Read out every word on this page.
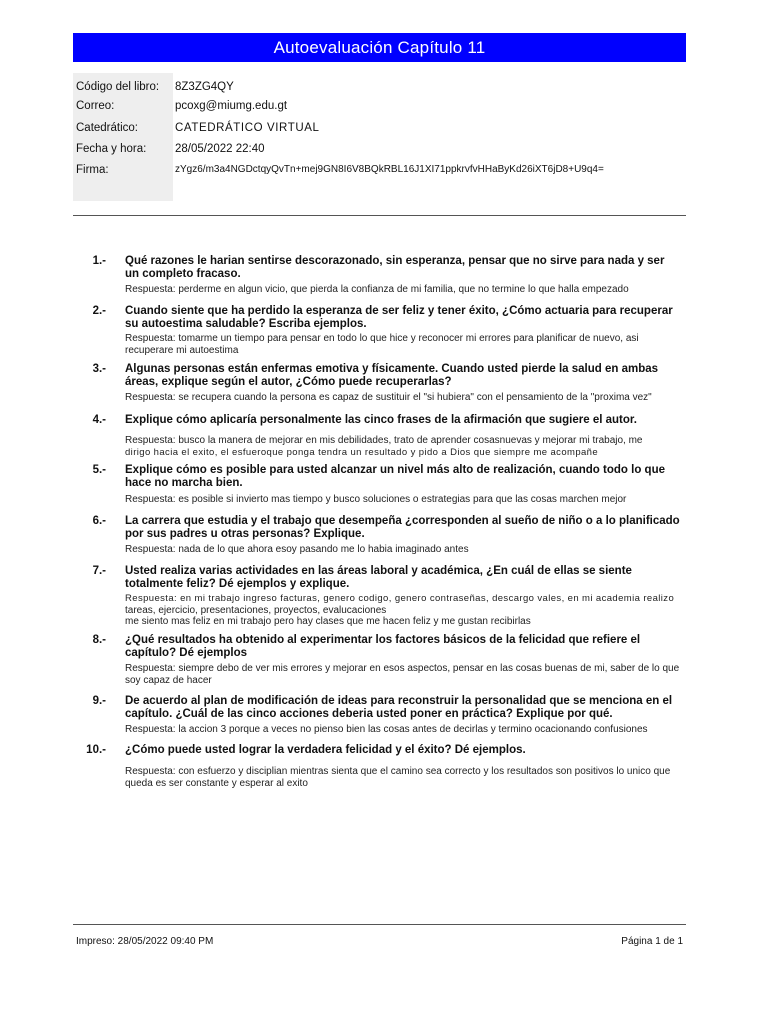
Autoevaluación Capítulo 11
Código del libro: 8Z3ZG4QY
Correo:	pcoxg@miumg.edu.gt
Catedrático:	CATEDRÁTICO VIRTUAL
Fecha y hora: 28/05/2022 22:40
Firma:	zYgz6/m3a4NGDctqyQvTn+mej9GN8I6V8BQkRBL16J1XI71ppkrvfvHHaByKd26iXT6jD8+U9q4=
1.- Qué razones le harian sentirse descorazonado, sin esperanza, pensar que no sirve para nada y ser un completo fracaso.
Respuesta: perderme en algun vicio, que pierda la confianza de mi familia, que no termine lo que halla empezado
2.- Cuando siente que ha perdido la esperanza de ser feliz y tener éxito, ¿Cómo actuaria para recuperar su autoestima saludable? Escriba ejemplos.
Respuesta: tomarme un tiempo para pensar en todo lo que hice y reconocer mi errores para planificar de nuevo, asi recuperare mi autoestima
3.- Algunas personas están enfermas emotiva y físicamente. Cuando usted pierde la salud en ambas áreas, explique según el autor, ¿Cómo puede recuperarlas?
Respuesta: se recupera cuando la persona es capaz de sustituir el "si hubiera" con el pensamiento de la "proxima vez"
4.- Explique cómo aplicaría personalmente las cinco frases de la afirmación que sugiere el autor.
Respuesta: busco la manera de mejorar en mis debilidades, trato de aprender cosasnuevas y mejorar mi trabajo, me
dirigo hacia el exito, el esfueroque ponga tendra un resultado y pido a Dios que siempre me acompañe
5.- Explique cómo es posible para usted alcanzar un nivel más alto de realización, cuando todo lo que hace no marcha bien.
Respuesta: es posible si invierto mas tiempo y busco soluciones o estrategias para que las cosas marchen mejor
6.- La carrera que estudia y el trabajo que desempeña ¿corresponden al sueño de niño o a lo planificado por sus padres u otras personas? Explique.
Respuesta: nada de lo que ahora esoy pasando me lo habia imaginado antes
7.- Usted realiza varias actividades en las áreas laboral y académica, ¿En cuál de ellas se siente totalmente feliz? Dé ejemplos y explique.
Respuesta: en mi trabajo ingreso facturas, genero codigo, genero contraseñas, descargo vales, en mi academia realizo
tareas, ejercicio, presentaciones, proyectos, evalucaciones
me siento mas feliz en mi trabajo pero hay clases que me hacen feliz y me gustan recibirlas
8.- ¿Qué resultados ha obtenido al experimentar los factores básicos de la felicidad que refiere el capítulo? Dé ejemplos
Respuesta: siempre debo de ver mis errores y mejorar en esos aspectos, pensar en las cosas buenas de mi, saber de lo que soy capaz de hacer
9.- De acuerdo al plan de modificación de ideas para reconstruir la personalidad que se menciona en el capítulo. ¿Cuál de las cinco acciones deberia usted poner en práctica? Explique por qué.
Respuesta: la accion 3 porque a veces no pienso bien las cosas antes de decirlas y termino ocacionando confusiones
10.- ¿Cómo puede usted lograr la verdadera felicidad y el éxito? Dé ejemplos.
Respuesta: con esfuerzo y disciplian mientras sienta que el camino sea correcto y los resultados son positivos lo unico que queda es ser constante y esperar al exito
Impreso: 28/05/2022 09:40 PM	Página 1 de 1
